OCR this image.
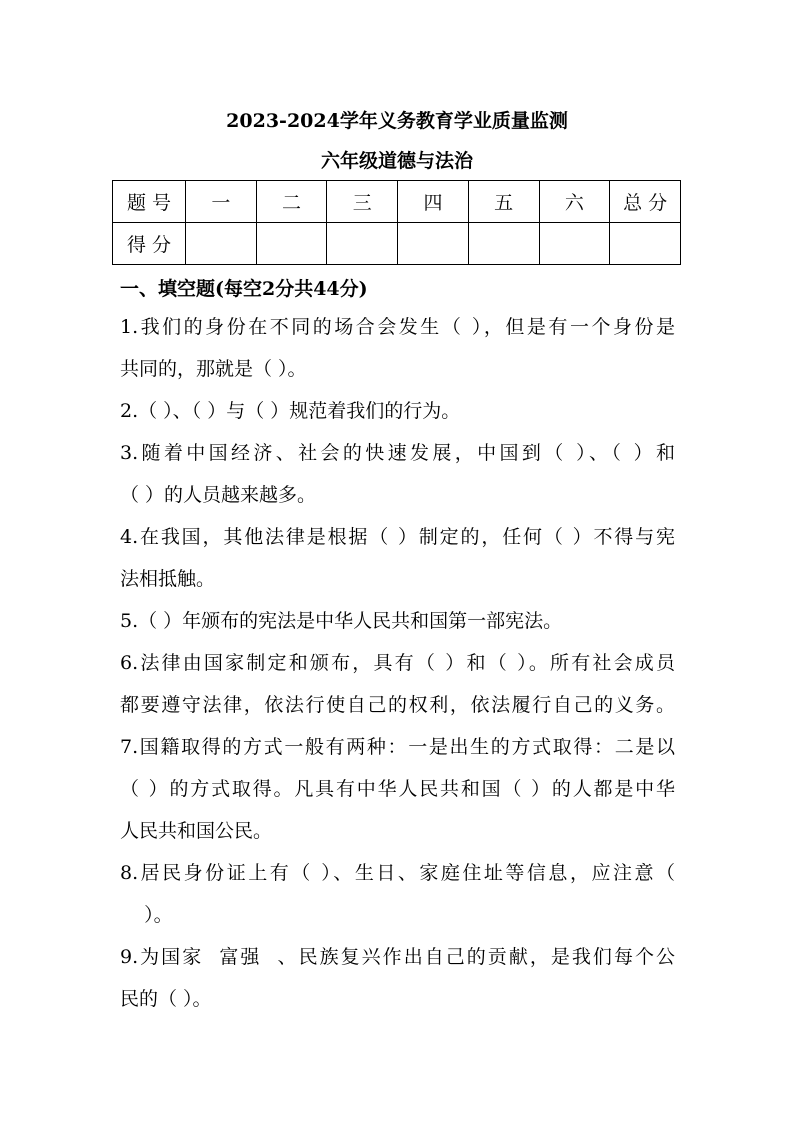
2023-2024学年义务教育学业质量监测
六年级道德与法治
题 号	一	二	三	四	五	六	总 分
得 分							
一、填空题(每空2分共44分)
1.我们的身份在不同的场合会发生（ ），但是有一个身份是
共同的，那就是（ ）。
2.（ ）、（ ）与（ ）规范着我们的行为。
3.随着中国经济、社会的快速发展，中国到（ ）、（ ）和
（ ）的人员越来越多。
4.在我国，其他法律是根据（ ）制定的，任何（ ）不得与宪
法相抵触。
5.（ ）年颁布的宪法是中华人民共和国第一部宪法。
6.法律由国家制定和颁布，具有（ ）和（ ）。所有社会成员
都要遵守法律，依法行使自己的权利，依法履行自己的义务。
7.国籍取得的方式一般有两种：一是出生的方式取得：二是以
（ ）的方式取得。凡具有中华人民共和国（ ）的人都是中华
人民共和国公民。
8.居民身份证上有（ ）、生日、家庭住址等信息，应注意（
）。
9.为国家  富强  、民族复兴作出自己的贡献，是我们每个公
民的（ ）。
